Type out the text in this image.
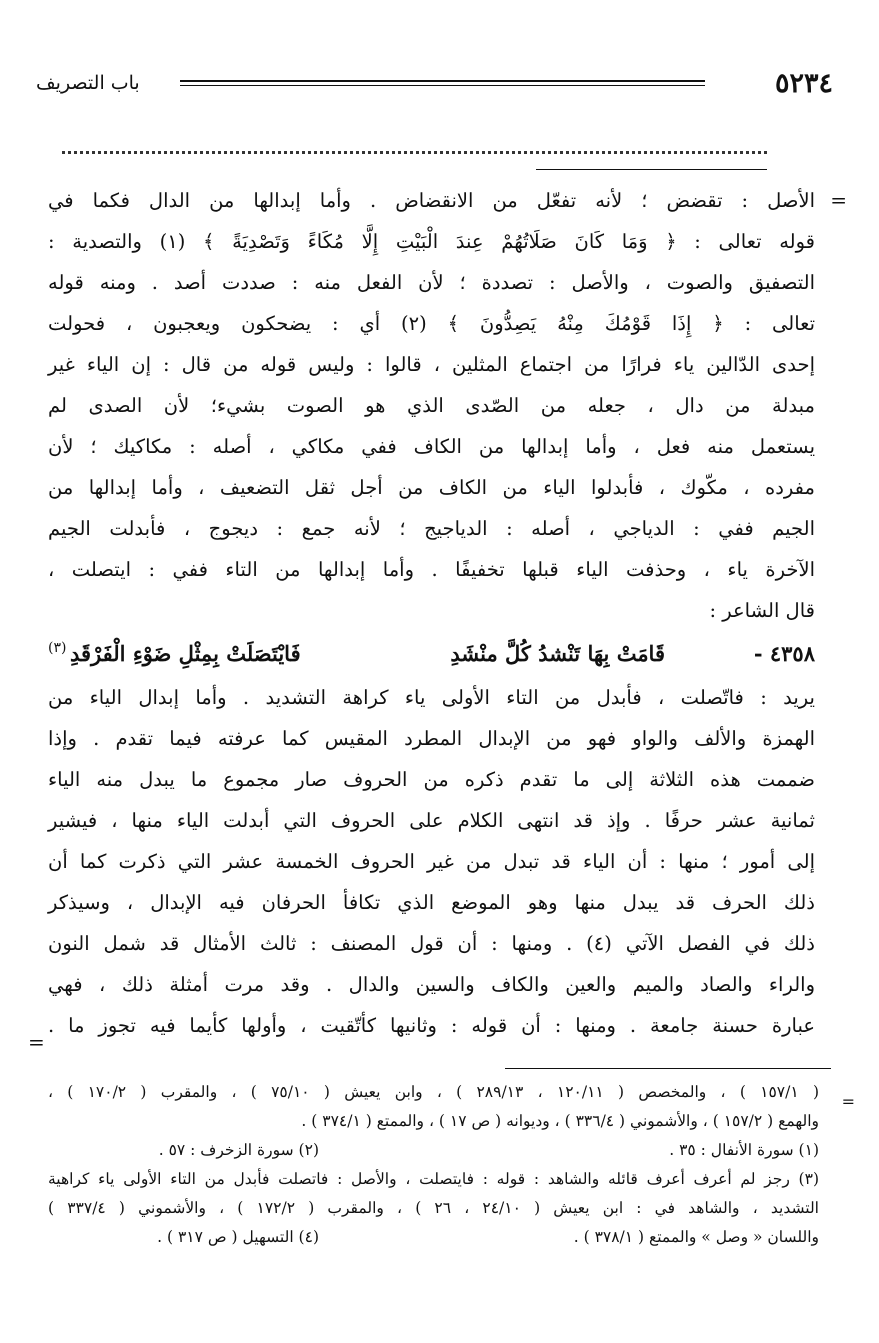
٥٢٣٤
باب التصريف
=
الأصل : تقضض ؛ لأنه تفعّل من الانقضاض . وأما إبدالها من الدال فكما في
قوله تعالى : ﴿ وَمَا كَانَ صَلَاتُهُمْ عِندَ الْبَيْتِ إِلَّا مُكَاءً وَتَصْدِيَةً ﴾ (١) والتصدية :
التصفيق والصوت ، والأصل : تصددة ؛ لأن الفعل منه : صددت أصد . ومنه قوله
تعالى : ﴿ إِذَا قَوْمُكَ مِنْهُ يَصِدُّونَ ﴾ (٢) أي : يضحكون ويعجبون ، فحولت
إحدى الدّالين ياء فرارًا من اجتماع المثلين ، قالوا : وليس قوله من قال : إن الياء غير
مبدلة من دال ، جعله من الصّدى الذي هو الصوت بشيء؛ لأن الصدى لم
يستعمل منه فعل ، وأما إبدالها من الكاف ففي مكاكي ، أصله : مكاكيك ؛ لأن
مفرده ، مكّوك ، فأبدلوا الياء من الكاف من أجل ثقل التضعيف ، وأما إبدالها من
الجيم ففي : الدياجي ، أصله : الدياجيج ؛ لأنه جمع : ديجوج ، فأبدلت الجيم
الآخرة ياء ، وحذفت الياء قبلها تخفيفًا . وأما إبدالها من التاء ففي : ايتصلت ،
قال الشاعر :
٤٣٥٨ -
قَامَتْ بِهَا تَنْشدُ كُلَّ منْشَدِ
فَايْتَصَلَتْ بِمِثْلِ ضَوْءِ الْفَرْقَدِ
(٣)
يريد : فاتّصلت ، فأبدل من التاء الأولى ياء كراهة التشديد . وأما إبدال الياء من
الهمزة والألف والواو فهو من الإبدال المطرد المقيس كما عرفته فيما تقدم . وإذا
ضممت هذه الثلاثة إلى ما تقدم ذكره من الحروف صار مجموع ما يبدل منه الياء
ثمانية عشر حرفًا . وإذ قد انتهى الكلام على الحروف التي أبدلت الياء منها ، فيشير
إلى أمور ؛ منها : أن الياء قد تبدل من غير الحروف الخمسة عشر التي ذكرت كما أن
ذلك الحرف قد يبدل منها وهو الموضع الذي تكافأ الحرفان فيه الإبدال ، وسيذكر
ذلك في الفصل الآتي (٤) . ومنها : أن قول المصنف : ثالث الأمثال قد شمل النون
والراء والصاد والميم والعين والكاف والسين والدال . وقد مرت أمثلة ذلك ، فهي
عبارة حسنة جامعة . ومنها : أن قوله : وثانيها كأتّقيت ، وأولها كأيما فيه تجوز ما .
=
=
( ١٥٧/١ ) ، والمخصص ( ١٢٠/١١ ، ٢٨٩/١٣ ) ، وابن يعيش ( ٧٥/١٠ ) ، والمقرب ( ١٧٠/٢ ) ،
والهمع ( ١٥٧/٢ ) ، والأشموني ( ٣٣٦/٤ ) ، وديوانه ( ص ١٧ ) ، والممتع ( ٣٧٤/١ ) .
(١) سورة الأنفال : ٣٥ .
(٢) سورة الزخرف : ٥٧ .
(٣) رجز لم أعرف أعرف قائله والشاهد : قوله : فايتصلت ، والأصل : فاتصلت فأبدل من التاء الأولى ياء كراهية
التشديد ، والشاهد في : ابن يعيش ( ٢٤/١٠ ، ٢٦ ) ، والمقرب ( ١٧٢/٢ ) ، والأشموني ( ٣٣٧/٤ )
واللسان « وصل » والممتع ( ٣٧٨/١ ) .
(٤) التسهيل ( ص ٣١٧ ) .
